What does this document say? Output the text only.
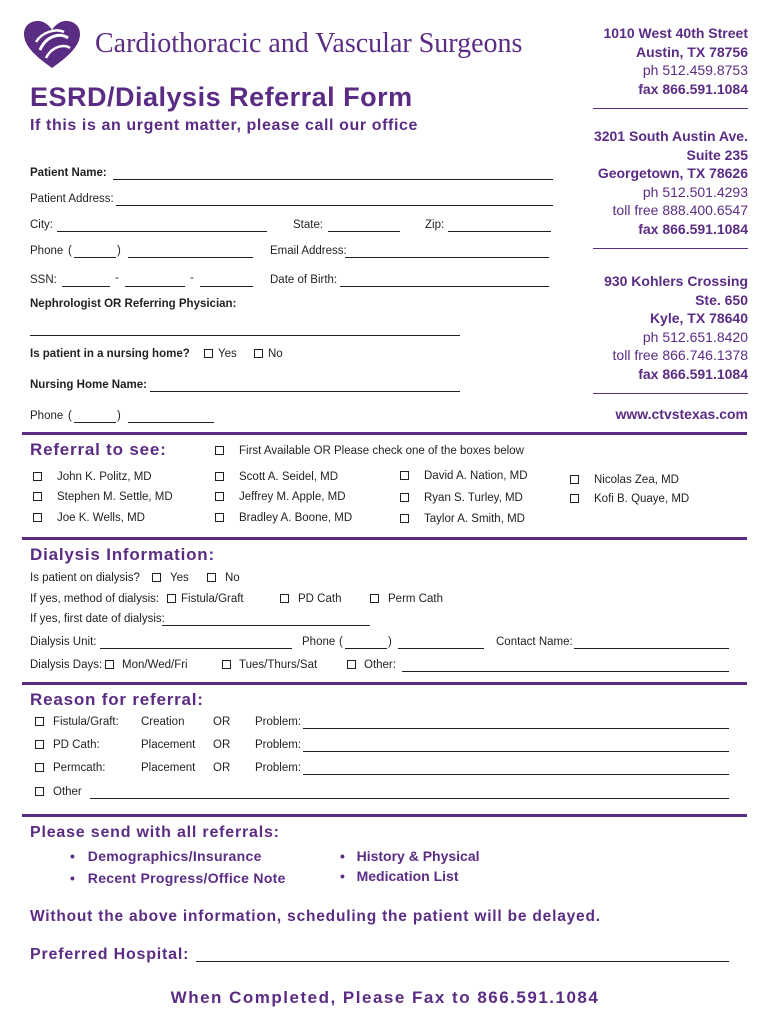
Cardiothoracic and Vascular Surgeons
ESRD/Dialysis Referral Form
If this is an urgent matter, please call our office
1010 West 40th Street
Austin, TX 78756
ph 512.459.8753
fax 866.591.1084
3201 South Austin Ave.
Suite 235
Georgetown, TX 78626
ph 512.501.4293
toll free 888.400.6547
fax 866.591.1084
930 Kohlers Crossing
Ste. 650
Kyle, TX 78640
ph 512.651.8420
toll free 866.746.1378
fax 866.591.1084
www.ctvstexas.com
Patient Name:
Patient Address:
City:	State:	Zip:
Phone (	)	Email Address:
SSN:	-	-	Date of Birth:
Nephrologist OR Referring Physician:
Is patient in a nursing home?	Yes	No
Nursing Home Name:
Phone (	)
Referral to see:	First Available OR Please check one of the boxes below
John K. Politz, MD
Stephen M. Settle, MD
Joe K. Wells, MD
Scott A. Seidel, MD
Jeffrey M. Apple, MD
Bradley A. Boone, MD
David A. Nation, MD
Ryan S. Turley, MD
Taylor A. Smith, MD
Nicolas Zea, MD
Kofi B. Quaye, MD
Dialysis Information:
Is patient on dialysis?	Yes	No
If yes, method of dialysis:	Fistula/Graft	PD Cath	Perm Cath
If yes, first date of dialysis:
Dialysis Unit:	Phone (	)	Contact Name:
Dialysis Days:	Mon/Wed/Fri	Tues/Thurs/Sat	Other:
Reason for referral:
Fistula/Graft: Creation OR Problem:
PD Cath:	Placement OR Problem:
Permcath:	Placement OR Problem:
Other
Please send with all referrals:
•   Demographics/Insurance
•   Recent Progress/Office Note
•   History & Physical
•   Medication List
Without the above information, scheduling the patient will be delayed.
Preferred Hospital:
When Completed, Please Fax to 866.591.1084
